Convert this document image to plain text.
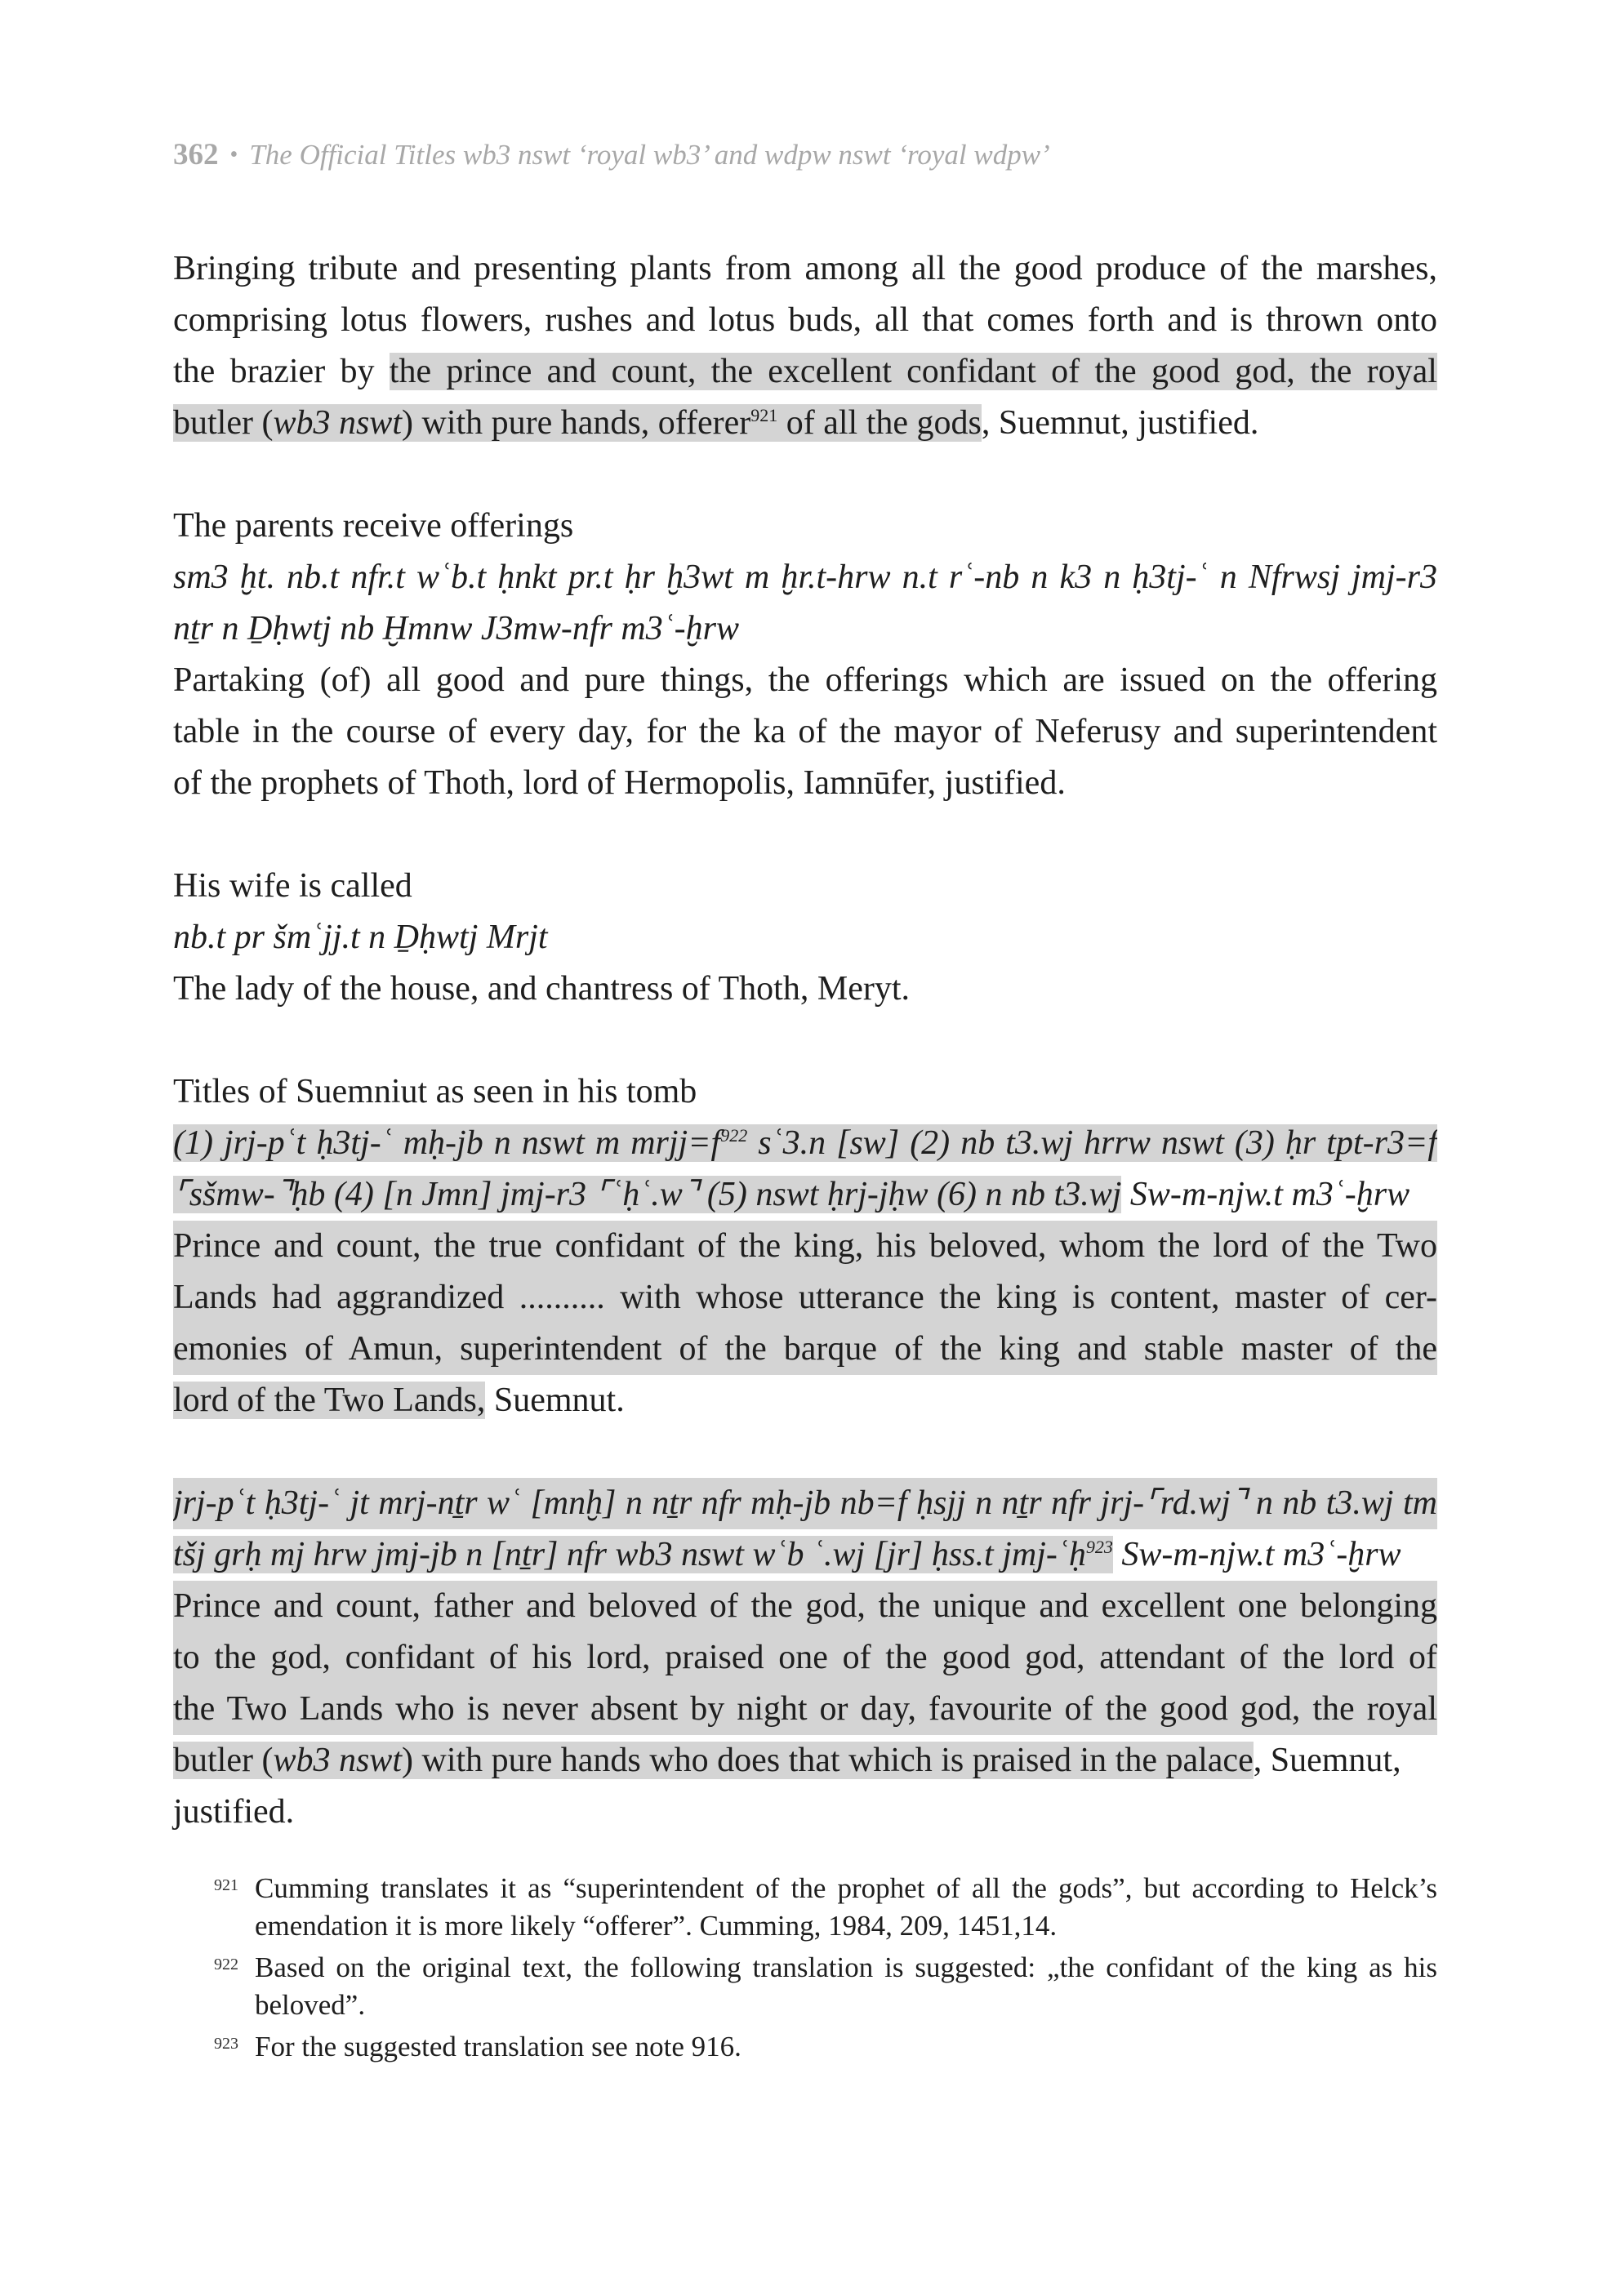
362 • The Official Titles wb3 nswt ‘royal wb3’ and wdpw nswt ‘royal wdpw’
Bringing tribute and presenting plants from among all the good produce of the marshes,
comprising lotus flowers, rushes and lotus buds, all that comes forth and is thrown onto
the brazier by the prince and count, the excellent confidant of the good god, the royal
butler (wb3 nswt) with pure hands, offerer$^{921}$ of all the gods, Suemnut, justified.
The parents receive offerings
sm3 ḫt. nb.t nfr.t wʿb.t ḥnkt pr.t ḥr ḫ3wt m ḫr.t-hrw n.t rʿ-nb n k3 n ḥ3tj-ʿ n Nfrwsj jmj-r3
nṯr n Ḏḥwtj nb Ḫmnw J3mw-nfr m3ʿ-ḫrw
Partaking (of) all good and pure things, the offerings which are issued on the offering
table in the course of every day, for the ka of the mayor of Neferusy and superintendent
of the prophets of Thoth, lord of Hermopolis, Iamnūfer, justified.
His wife is called
nb.t pr šmʿjj.t n Ḏḥwtj Mrjt
The lady of the house, and chantress of Thoth, Meryt.
Titles of Suemniut as seen in his tomb
(1) jrj-pʿt ḥ3tj-ʿ mḥ-jb n nswt m $mrjj=f^{922}$ sʿ3.n [sw] (2) nb t3.wj hrrw nswt (3) ḥr tpt-r3=f
⌜sšmw-⌝ḥb (4) [n Jmn] jmj-r3 ⌜ʿḥʿ.w⌝ (5) nswt ḥrj-jḥw (6) n nb t3.wj Sw-m-njw.t m3ʿ-ḫrw
Prince and count, the true confidant of the king, his beloved, whom the lord of the Two
Lands had aggrandized .......... with whose utterance the king is content, master of cer-
emonies of Amun, superintendent of the barque of the king and stable master of the
lord of the Two Lands, Suemnut.
jrj-pʿt ḥ3tj-ʿ jt mrj-nṯr wʿ [mnḫ] n nṯr nfr mḥ-jb nb=f ḥsjj n nṯr nfr jrj-⌜rd.wj⌝ n nb t3.wj tm
tšj grḥ mj hrw jmj-jb n [nṯr] nfr wb3 nswt wʿb ʿ.wj [jr] ḥss.t jmj-ʿḥ$^{923}$ Sw-m-njw.t m3ʿ-ḫrw
Prince and count, father and beloved of the god, the unique and excellent one belonging
to the god, confidant of his lord, praised one of the good god, attendant of the lord of
the Two Lands who is never absent by night or day, favourite of the good god, the royal
butler (wb3 nswt) with pure hands who does that which is praised in the palace, Suemnut,
justified.
921 Cumming translates it as “superintendent of the prophet of all the gods”, but according to Helck’s
emendation it is more likely “offerer”. Cumming, 1984, 209, 1451,14.
922 Based on the original text, the following translation is suggested: „the confidant of the king as his
beloved”.
923 For the suggested translation see note 916.
